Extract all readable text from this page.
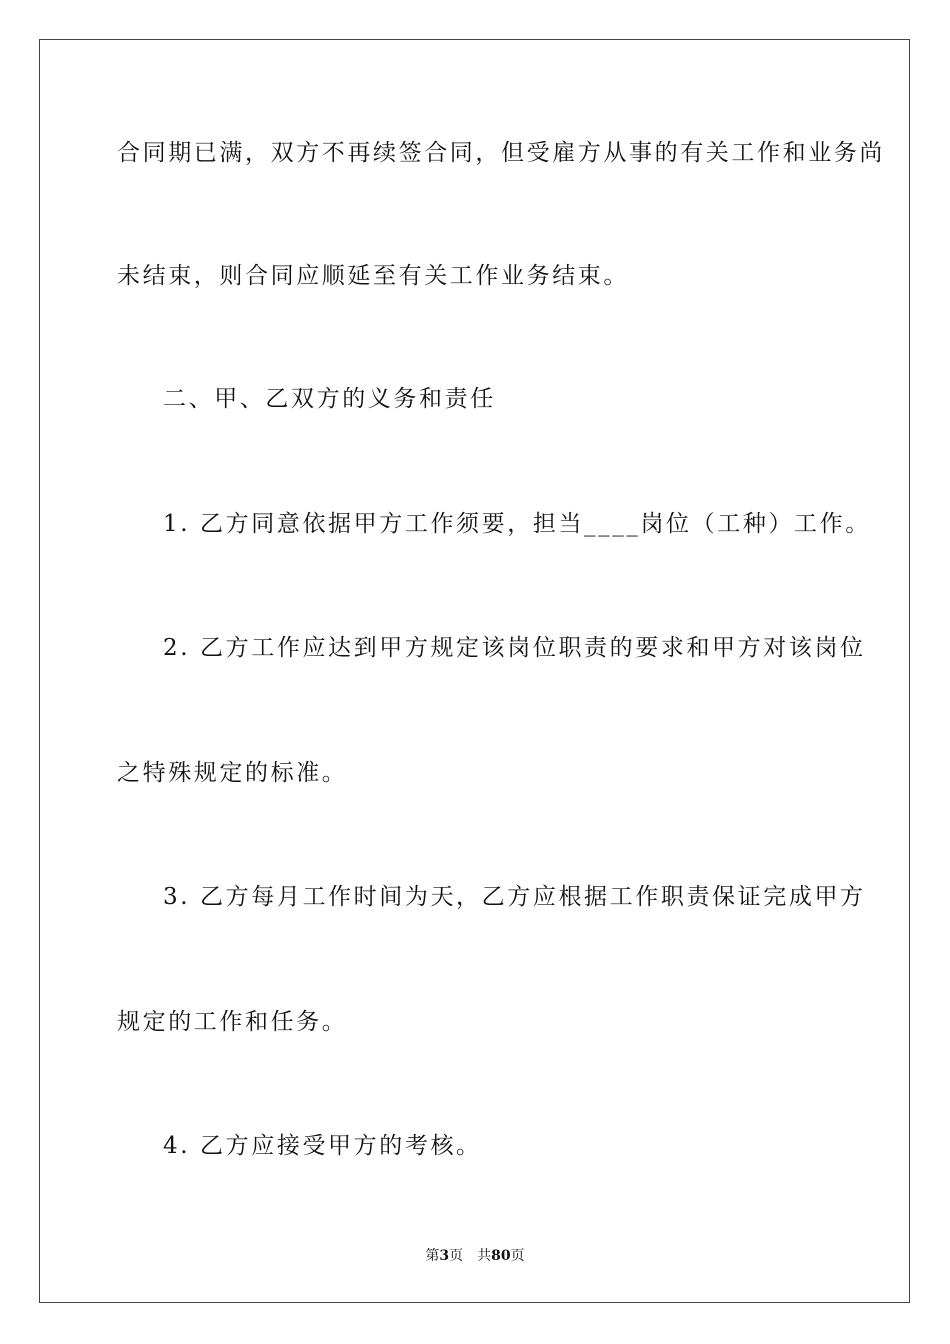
合同期已满，双方不再续签合同，但受雇方从事的有关工作和业务尚
未结束，则合同应顺延至有关工作业务结束。
二、甲、乙双方的义务和责任
1. 乙方同意依据甲方工作须要，担当____岗位（工种）工作。
2. 乙方工作应达到甲方规定该岗位职责的要求和甲方对该岗位
之特殊规定的标准。
3. 乙方每月工作时间为天，乙方应根据工作职责保证完成甲方
规定的工作和任务。
4. 乙方应接受甲方的考核。
第3页 共80页
